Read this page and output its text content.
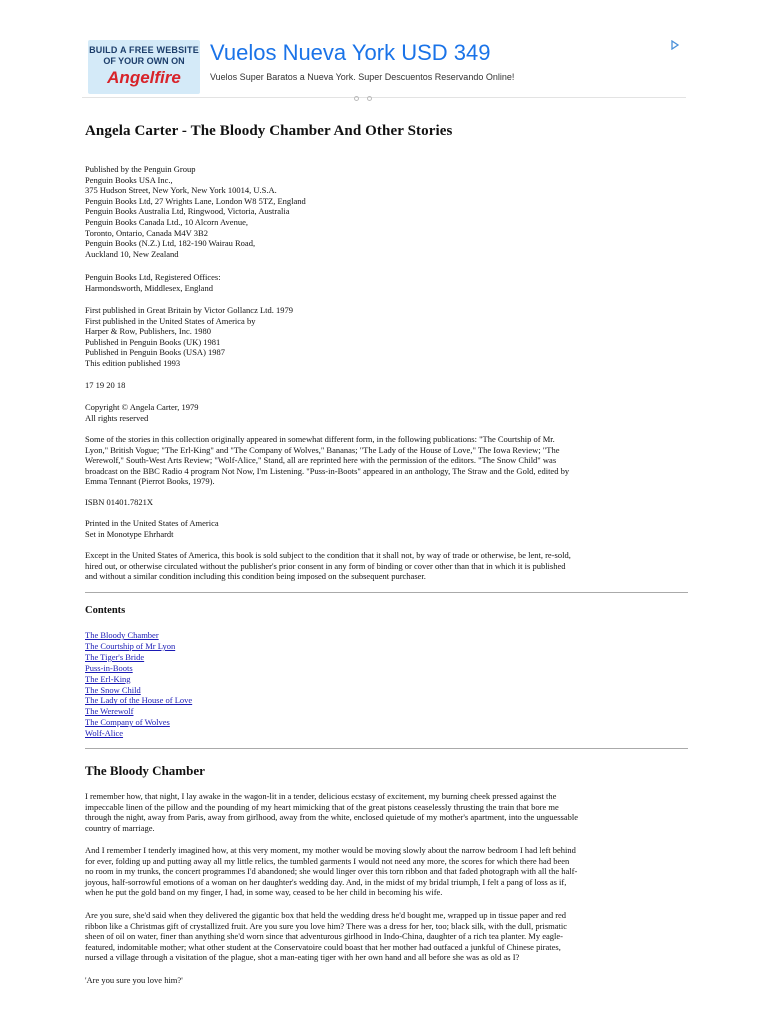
BUILD A FREE WEBSITE
OF YOUR OWN ON
Angelfire
Vuelos Nueva York USD 349
Vuelos Super Baratos a Nueva York. Super Descuentos Reservando Online!
Angela Carter - The Bloody Chamber And Other Stories

Published by the Penguin Group
Penguin Books USA Inc.,
375 Hudson Street, New York, New York 10014, U.S.A.
Penguin Books Ltd, 27 Wrights Lane, London W8 5TZ, England
Penguin Books Australia Ltd, Ringwood, Victoria, Australia
Penguin Books Canada Ltd., 10 Alcorn Avenue,
Toronto, Ontario, Canada M4V 3B2
Penguin Books (N.Z.) Ltd, 182-190 Wairau Road,
Auckland 10, New Zealand

Penguin Books Ltd, Registered Offices:
Harmondsworth, Middlesex, England

First published in Great Britain by Victor Gollancz Ltd. 1979
First published in the United States of America by
Harper & Row, Publishers, Inc. 1980
Published in Penguin Books (UK) 1981
Published in Penguin Books (USA) 1987
This edition published 1993

17 19 20 18

Copyright © Angela Carter, 1979
All rights reserved

Some of the stories in this collection originally appeared in somewhat different form, in the following publications: "The Courtship of Mr.
Lyon," British Vogue; "The Erl-King" and "The Company of Wolves," Bananas; "The Lady of the House of Love," The Iowa Review; "The
Werewolf," South-West Arts Review; "Wolf-Alice," Stand, all are reprinted here with the permission of the editors. "The Snow Child" was
broadcast on the BBC Radio 4 program Not Now, I'm Listening. "Puss-in-Boots" appeared in an anthology, The Straw and the Gold, edited by
Emma Tennant (Pierrot Books, 1979).

ISBN 01401.7821X

Printed in the United States of America
Set in Monotype Ehrhardt

Except in the United States of America, this book is sold subject to the condition that it shall not, by way of trade or otherwise, be lent, re-sold,
hired out, or otherwise circulated without the publisher's prior consent in any form of binding or cover other than that in which it is published
and without a similar condition including this condition being imposed on the subsequent purchaser.

Contents
The Bloody Chamber
The Courtship of Mr Lyon
The Tiger's Bride
Puss-in-Boots
The Erl-King
The Snow Child
The Lady of the House of Love
The Werewolf
The Company of Wolves
Wolf-Alice
The Bloody Chamber

I remember how, that night, I lay awake in the wagon-lit in a tender, delicious ecstasy of excitement, my burning cheek pressed against the
impeccable linen of the pillow and the pounding of my heart mimicking that of the great pistons ceaselessly thrusting the train that bore me
through the night, away from Paris, away from girlhood, away from the white, enclosed quietude of my mother's apartment, into the unguessable
country of marriage.

And I remember I tenderly imagined how, at this very moment, my mother would be moving slowly about the narrow bedroom I had left behind
for ever, folding up and putting away all my little relics, the tumbled garments I would not need any more, the scores for which there had been
no room in my trunks, the concert programmes I'd abandoned; she would linger over this torn ribbon and that faded photograph with all the half-
joyous, half-sorrowful emotions of a woman on her daughter's wedding day. And, in the midst of my bridal triumph, I felt a pang of loss as if,
when he put the gold band on my finger, I had, in some way, ceased to be her child in becoming his wife.

Are you sure, she'd said when they delivered the gigantic box that held the wedding dress he'd bought me, wrapped up in tissue paper and red
ribbon like a Christmas gift of crystallized fruit. Are you sure you love him? There was a dress for her, too; black silk, with the dull, prismatic
sheen of oil on water, finer than anything she'd worn since that adventurous girlhood in Indo-China, daughter of a rich tea planter. My eagle-
featured, indomitable mother; what other student at the Conservatoire could boast that her mother had outfaced a junkful of Chinese pirates,
nursed a village through a visitation of the plague, shot a man-eating tiger with her own hand and all before she was as old as I?

'Are you sure you love him?'
